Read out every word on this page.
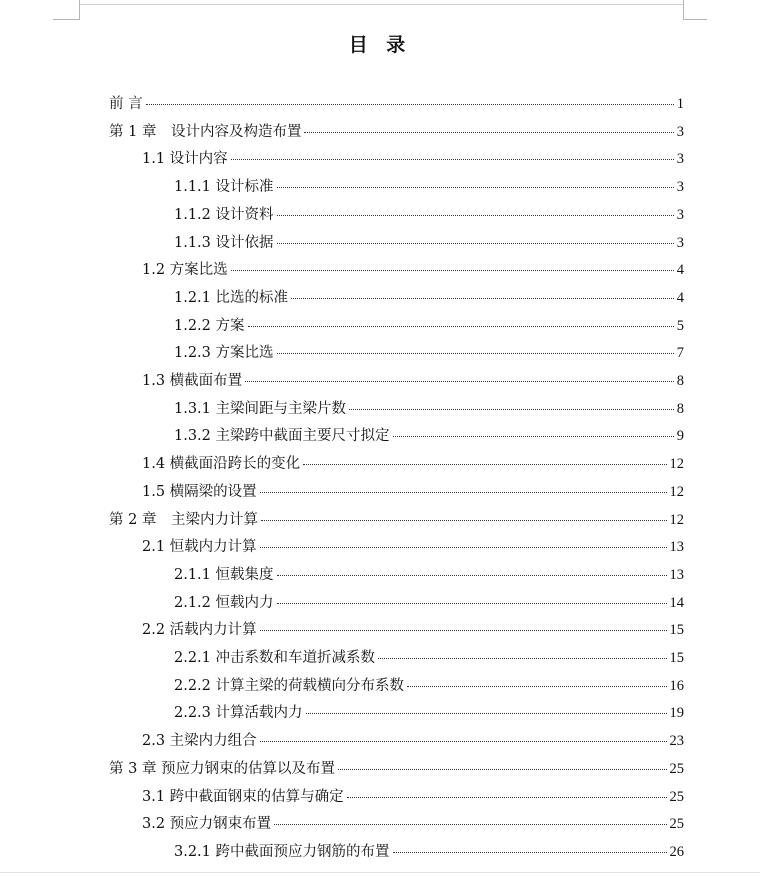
目 录
前 言	1
第 1 章　设计内容及构造布置	3
1.1 设计内容	3
1.1.1 设计标准	3
1.1.2 设计资料	3
1.1.3 设计依据	3
1.2 方案比选	4
1.2.1 比选的标准	4
1.2.2 方案	5
1.2.3 方案比选	7
1.3 横截面布置	8
1.3.1 主梁间距与主梁片数	8
1.3.2 主梁跨中截面主要尺寸拟定	9
1.4 横截面沿跨长的变化	12
1.5 横隔梁的设置	12
第 2 章　主梁内力计算	12
2.1 恒载内力计算	13
2.1.1 恒载集度	13
2.1.2 恒载内力	14
2.2 活载内力计算	15
2.2.1 冲击系数和车道折减系数	15
2.2.2 计算主梁的荷载横向分布系数	16
2.2.3 计算活载内力	19
2.3 主梁内力组合	23
第 3 章 预应力钢束的估算以及布置	25
3.1 跨中截面钢束的估算与确定	25
3.2 预应力钢束布置	25
3.2.1 跨中截面预应力钢筋的布置	26
